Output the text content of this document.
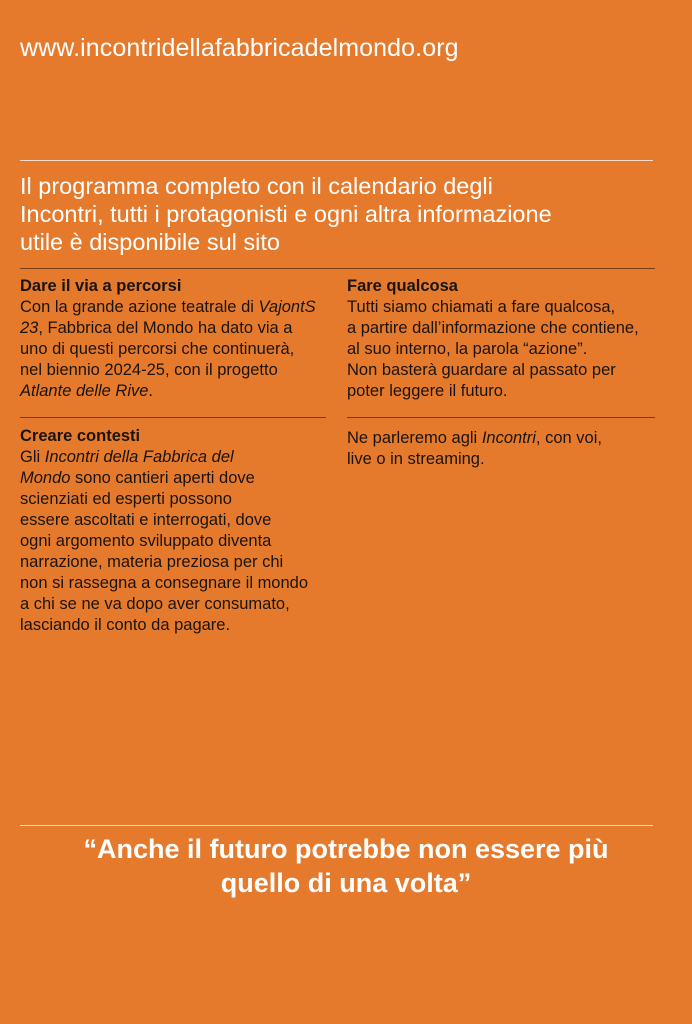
www.incontridellafabbricadelmondo.org
Il programma completo con il calendario degli
Incontri, tutti i protagonisti e ogni altra informazione
utile è disponibile sul sito
Dare il via a percorsi

Con la grande azione teatrale di VajontS

23, Fabbrica del Mondo ha dato via a

uno di questi percorsi che continuerà,

nel biennio 2024-25, con il progetto

Atlante delle Rive.

Fare qualcosa

Tutti siamo chiamati a fare qualcosa,

a partire dall’informazione che contiene,

al suo interno, la parola “azione”.

Non basterà guardare al passato per

poter leggere il futuro.

Creare contesti

Gli Incontri della Fabbrica del

Mondo sono cantieri aperti dove

scienziati ed esperti possono

essere ascoltati e interrogati, dove

ogni argomento sviluppato diventa

narrazione, materia preziosa per chi

non si rassegna a consegnare il mondo

a chi se ne va dopo aver consumato,

lasciando il conto da pagare.

Ne parleremo agli Incontri, con voi,

live o in streaming.

“Anche il futuro potrebbe non essere più
quello di una volta”
